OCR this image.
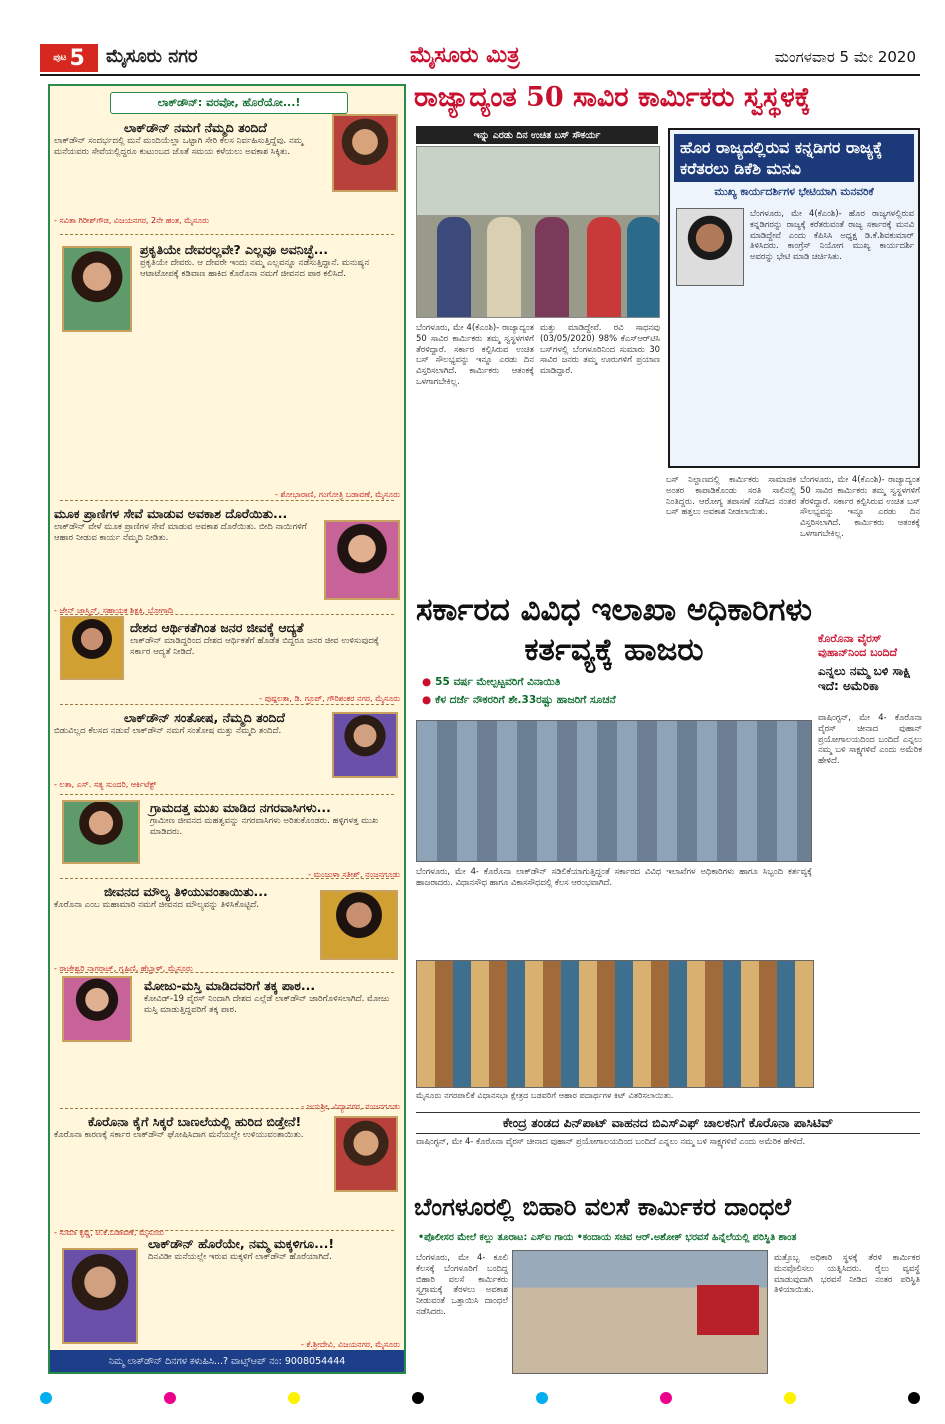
ಪುಟ 5 ಮೈಸೂರು ನಗರ	ಮೈಸೂರು ಮಿತ್ರ	ಮಂಗಳವಾರ 5 ಮೇ 2020
ಲಾಕ್‌ಡೌನ್: ವರವೋ, ಹೊರೆಯೋ...!
ಲಾಕ್‌ಡೌನ್ ನಮಗೆ ನೆಮ್ಮದಿ ತಂದಿದೆ
ಲಾಕ್‌ಡೌನ್ ಸಂದರ್ಭದಲ್ಲಿ ಮನೆ ಮಂದಿಯೆಲ್ಲಾ ಒಟ್ಟಾಗಿ ಸೇರಿ ಕೆಲಸ ನಿರ್ವಹಿಸುತ್ತಿದ್ದೆವು. ನಮ್ಮ ಮನೆಯವರು ಸೇವೆಯಲ್ಲಿದ್ದರೂ ಕುಟುಂಬದ ಜೊತೆ ಸಮಯ ಕಳೆಯಲು ಅವಕಾಶ ಸಿಕ್ಕಿತು.
- ಸವಿತಾ ಗಿರೀಶ್‌ಗೌಡ, ವಿಜಯನಗರ, 2ನೇ ಹಂತ, ಮೈಸೂರು
ಪ್ರಕೃತಿಯೇ ದೇವರಲ್ಲವೇ? ಎಲ್ಲವೂ ಅವನಿಚ್ಛೆ...
ಪ್ರಕೃತಿಯೇ ದೇವರು. ಆ ದೇವರೇ ಇಂದು ನಮ್ಮ ಎಲ್ಲವನ್ನೂ ನಡೆಸುತ್ತಿದ್ದಾನೆ. ಮನುಷ್ಯನ ಆಟಾಟೋಪಕ್ಕೆ ಕಡಿವಾಣ ಹಾಕಿದ ಕೊರೊನಾ ನಮಗೆ ಜೀವನದ ಪಾಠ ಕಲಿಸಿದೆ.
- ಶೋಭಾರಾಣಿ, ಗಂಗೋತ್ರಿ ಬಡಾವಣೆ, ಮೈಸೂರು
ಮೂಕ ಪ್ರಾಣಿಗಳ ಸೇವೆ ಮಾಡುವ ಅವಕಾಶ ದೊರೆಯಿತು...
ಲಾಕ್‌ಡೌನ್ ವೇಳೆ ಮೂಕ ಪ್ರಾಣಿಗಳ ಸೇವೆ ಮಾಡುವ ಅವಕಾಶ ದೊರೆಯಿತು. ಬೀದಿ ನಾಯಿಗಳಿಗೆ ಆಹಾರ ನೀಡುವ ಕಾರ್ಯ ನೆಮ್ಮದಿ ನೀಡಿತು.
- ಜೇನ್ ಜಾಸ್ಮಿನ್, ಸಹಾಯಕ ಶಿಕ್ಷಕಿ, ಭೋಗಾದಿ
ದೇಶದ ಆರ್ಥಿಕತೆಗಿಂತ ಜನರ ಜೀವಕ್ಕೆ ಆದ್ಯತೆ
ಲಾಕ್‌ಡೌನ್ ಮಾಡಿದ್ದರಿಂದ ದೇಶದ ಆರ್ಥಿಕತೆಗೆ ಹೊಡೆತ ಬಿದ್ದರೂ ಜನರ ಜೀವ ಉಳಿಸುವುದಕ್ಕೆ ಸರ್ಕಾರ ಆದ್ಯತೆ ನೀಡಿದೆ.
- ಪುಷ್ಪಲತಾ, ಡಿ. ಗ್ರೂಪ್, ಗೌರಿಶಂಕರ ನಗರ, ಮೈಸೂರು
ಲಾಕ್‌ಡೌನ್ ಸಂತೋಷ, ನೆಮ್ಮದಿ ತಂದಿದೆ
ಬಿಡುವಿಲ್ಲದ ಕೆಲಸದ ನಡುವೆ ಲಾಕ್‌ಡೌನ್ ನಮಗೆ ಸಂತೋಷ ಮತ್ತು ನೆಮ್ಮದಿ ತಂದಿದೆ.
- ಲತಾ, ಎಸ್. ಸತ್ಯ ಸುಂದರಿ, ಆರ್ಕಿಟೆಕ್ಟ್
ಗ್ರಾಮದತ್ತ ಮುಖ ಮಾಡಿದ ನಗರವಾಸಿಗಳು...
ಗ್ರಾಮೀಣ ಜೀವನದ ಮಹತ್ವವನ್ನು ನಗರವಾಸಿಗಳು ಅರಿತುಕೊಂಡರು. ಹಳ್ಳಿಗಳತ್ತ ಮುಖ ಮಾಡಿದರು.
- ಮಂಜುಳಾ ಸತೀಶ್, ನಂಜನಗೂಡು
ಜೀವನದ ಮೌಲ್ಯ ತಿಳಿಯುವಂತಾಯಿತು...
ಕೊರೊನಾ ಎಂಬ ಮಹಾಮಾರಿ ನಮಗೆ ಜೀವನದ ಮೌಲ್ಯವನ್ನು ತಿಳಿಸಿಕೊಟ್ಟಿದೆ.
- ರಾಜೇಶ್ವರಿ ನಾಗರಾಜ್, ಗೃಹಿಣಿ, ಹೆಬ್ಬಾಳ್, ಮೈಸೂರು
ಮೋಜು-ಮಸ್ತಿ ಮಾಡಿದವರಿಗೆ ತಕ್ಕ ಪಾಠ...
ಕೋವಿಡ್-19 ವೈರಸ್ ನಿಂದಾಗಿ ದೇಶದ ಎಲ್ಲೆಡೆ ಲಾಕ್‌ಡೌನ್ ಜಾರಿಗೊಳಿಸಲಾಗಿದೆ. ಮೋಜು ಮಸ್ತಿ ಮಾಡುತ್ತಿದ್ದವರಿಗೆ ತಕ್ಕ ಪಾಠ.
- ಜಯಶ್ರೀ, ವಿದ್ಯಾನಗರ, ನಂಜನಗೂಡು
ಕೊರೊನಾ ಕೈಗೆ ಸಿಕ್ಕರೆ ಬಾಣಲೆಯಲ್ಲಿ ಹುರಿದ ಬಿಡ್ತೇನೆ!
ಕೊರೊನಾ ಕಾರಣಕ್ಕೆ ಸರ್ಕಾರ ಲಾಕ್‌ಡೌನ್ ಘೋಷಿಸಿದಾಗ ಮನೆಯಲ್ಲೇ ಉಳಿಯುವಂತಾಯಿತು.
- ಸುಮಾ ಕೃಷ್ಣ, ಟಿ.ಕೆ.ಬಡಾವಣೆ, ಮೈಸೂರು
ಲಾಕ್‌ಡೌನ್ ಹೊರೆಯೇ, ನಮ್ಮ ಮಕ್ಕಳಿಗೂ...!
ದಿನವಿಡೀ ಮನೆಯಲ್ಲೇ ಇರುವ ಮಕ್ಕಳಿಗೆ ಲಾಕ್‌ಡೌನ್ ಹೊರೆಯಾಗಿದೆ.
- ಕೆ.ಶ್ರೀದೇವಿ, ವಿಜಯನಗರ, ಮೈಸೂರು
ನಿಮ್ಮ ಲಾಕ್‌ಡೌನ್ ದಿನಗಳ ಕಳುಹಿಸಿ...? ವಾಟ್ಸ್‌ಆಪ್ ನಂ: 9008054444
ರಾಜ್ಯಾದ್ಯಂತ 50 ಸಾವಿರ ಕಾರ್ಮಿಕರು ಸ್ವಸ್ಥಳಕ್ಕೆ
ಇನ್ನು ಎರಡು ದಿನ ಉಚಿತ ಬಸ್ ಸೌಕರ್ಯ
ಬೆಂಗಳೂರು, ಮೇ 4(ಕೆಎಂಶಿ)- ರಾಜ್ಯಾದ್ಯಂತ 50 ಸಾವಿರ ಕಾರ್ಮಿಕರು ತಮ್ಮ ಸ್ವಸ್ಥಳಗಳಿಗೆ ತೆರಳಿದ್ದಾರೆ. ಸರ್ಕಾರ ಕಲ್ಪಿಸಿರುವ ಉಚಿತ ಬಸ್ ಸೌಲಭ್ಯವನ್ನು ಇನ್ನೂ ಎರಡು ದಿನ ವಿಸ್ತರಿಸಲಾಗಿದೆ. ಕಾರ್ಮಿಕರು ಆತಂಕಕ್ಕೆ ಒಳಗಾಗಬೇಕಿಲ್ಲ.
ಮತ್ತು ಮಾಡಿದ್ದೇವೆ. ರವಿ ಸಾಧನವು (03/05/2020) 98% ಕೆಎಸ್‌ಆರ್‌ಟಿಸಿ ಬಸ್‌ಗಳಲ್ಲಿ ಬೆಂಗಳೂರಿನಿಂದ ಸುಮಾರು 30 ಸಾವಿರ ಜನರು ತಮ್ಮ ಊರುಗಳಿಗೆ ಪ್ರಯಾಣ ಮಾಡಿದ್ದಾರೆ.
ಬಸ್ ನಿಲ್ದಾಣದಲ್ಲಿ ಕಾರ್ಮಿಕರು ಸಾಮಾಜಿಕ ಅಂತರ ಕಾಪಾಡಿಕೊಂಡು ಸರತಿ ಸಾಲಿನಲ್ಲಿ ನಿಂತಿದ್ದರು. ಆರೋಗ್ಯ ತಪಾಸಣೆ ನಡೆಸಿದ ನಂತರ ಬಸ್ ಹತ್ತಲು ಅವಕಾಶ ನೀಡಲಾಯಿತು.
ಬೆಂಗಳೂರು, ಮೇ 4(ಕೆಎಂಶಿ)- ರಾಜ್ಯಾದ್ಯಂತ 50 ಸಾವಿರ ಕಾರ್ಮಿಕರು ತಮ್ಮ ಸ್ವಸ್ಥಳಗಳಿಗೆ ತೆರಳಿದ್ದಾರೆ. ಸರ್ಕಾರ ಕಲ್ಪಿಸಿರುವ ಉಚಿತ ಬಸ್ ಸೌಲಭ್ಯವನ್ನು ಇನ್ನೂ ಎರಡು ದಿನ ವಿಸ್ತರಿಸಲಾಗಿದೆ. ಕಾರ್ಮಿಕರು ಆತಂಕಕ್ಕೆ ಒಳಗಾಗಬೇಕಿಲ್ಲ.
ಹೊರ ರಾಜ್ಯದಲ್ಲಿರುವ ಕನ್ನಡಿಗರ ರಾಜ್ಯಕ್ಕೆ ಕರೆತರಲು ಡಿಕೆಶಿ ಮನವಿ
ಮುಖ್ಯ ಕಾರ್ಯದರ್ಶಿಗಳ ಭೇಟಿಯಾಗಿ ಮನವರಿಕೆ
ಬೆಂಗಳೂರು, ಮೇ 4(ಕೆಎಂಶಿ)- ಹೊರ ರಾಜ್ಯಗಳಲ್ಲಿರುವ ಕನ್ನಡಿಗರನ್ನು ರಾಜ್ಯಕ್ಕೆ ಕರೆತರುವಂತೆ ರಾಜ್ಯ ಸರ್ಕಾರಕ್ಕೆ ಮನವಿ ಮಾಡಿದ್ದೇವೆ ಎಂದು ಕೆಪಿಸಿಸಿ ಅಧ್ಯಕ್ಷ ಡಿ.ಕೆ.ಶಿವಕುಮಾರ್ ತಿಳಿಸಿದರು. ಕಾಂಗ್ರೆಸ್ ನಿಯೋಗ ಮುಖ್ಯ ಕಾರ್ಯದರ್ಶಿ ಅವರನ್ನು ಭೇಟಿ ಮಾಡಿ ಚರ್ಚಿಸಿತು.
ಸರ್ಕಾರದ ವಿವಿಧ ಇಲಾಖಾ ಅಧಿಕಾರಿಗಳು ಕರ್ತವ್ಯಕ್ಕೆ ಹಾಜರು
● 55 ವರ್ಷ ಮೇಲ್ಪಟ್ಟವರಿಗೆ ವಿನಾಯಿತಿ
● ಕೆಳ ದರ್ಜೆ ನೌಕರರಿಗೆ ಶೇ.33ರಷ್ಟು ಹಾಜರಿಗೆ ಸೂಚನೆ
ಬೆಂಗಳೂರು, ಮೇ 4- ಕೊರೊನಾ ಲಾಕ್‌ಡೌನ್ ಸಡಿಲಿಕೆಯಾಗುತ್ತಿದ್ದಂತೆ ಸರ್ಕಾರದ ವಿವಿಧ ಇಲಾಖೆಗಳ ಅಧಿಕಾರಿಗಳು ಹಾಗೂ ಸಿಬ್ಬಂದಿ ಕರ್ತವ್ಯಕ್ಕೆ ಹಾಜರಾದರು. ವಿಧಾನಸೌಧ ಹಾಗೂ ವಿಕಾಸಸೌಧದಲ್ಲಿ ಕೆಲಸ ಆರಂಭವಾಗಿದೆ.
ಮೈಸೂರು ನಗರಪಾಲಿಕೆ ವಿಧಾನಸಭಾ ಕ್ಷೇತ್ರದ ಬಡವರಿಗೆ ಆಹಾರ ಪದಾರ್ಥಗಳ ಕಿಟ್ ವಿತರಿಸಲಾಯಿತು.
ಕೊರೊನಾ ವೈರಸ್ ವುಹಾನ್‌ನಿಂದ ಬಂದಿದೆ
ಎನ್ನಲು ನಮ್ಮ ಬಳಿ ಸಾಕ್ಷಿ ಇದೆ: ಅಮೆರಿಕಾ
ವಾಷಿಂಗ್ಟನ್, ಮೇ 4- ಕೊರೊನಾ ವೈರಸ್ ಚೀನಾದ ವುಹಾನ್ ಪ್ರಯೋಗಾಲಯದಿಂದ ಬಂದಿದೆ ಎನ್ನಲು ನಮ್ಮ ಬಳಿ ಸಾಕ್ಷ್ಯಗಳಿವೆ ಎಂದು ಅಮೆರಿಕ ಹೇಳಿದೆ.
ಕೇಂದ್ರ ತಂಡದ ಪಿನ್‌ಪಾಟ್ ವಾಹನದ ಬಿಎಸ್‌ಎಫ್ ಚಾಲಕನಿಗೆ ಕೊರೊನಾ ಪಾಸಿಟಿವ್
ವಾಷಿಂಗ್ಟನ್, ಮೇ 4- ಕೊರೊನಾ ವೈರಸ್ ಚೀನಾದ ವುಹಾನ್ ಪ್ರಯೋಗಾಲಯದಿಂದ ಬಂದಿದೆ ಎನ್ನಲು ನಮ್ಮ ಬಳಿ ಸಾಕ್ಷ್ಯಗಳಿವೆ ಎಂದು ಅಮೆರಿಕ ಹೇಳಿದೆ.
ಬೆಂಗಳೂರಲ್ಲಿ ಬಿಹಾರಿ ವಲಸೆ ಕಾರ್ಮಿಕರ ದಾಂಧಲೆ
•ಪೊಲೀಸರ ಮೇಲೆ ಕಲ್ಲು ತೂರಾಟ: ಎಸ್‌ಐ ಗಾಯ •ಕಂದಾಯ ಸಚಿವ ಆರ್.ಅಶೋಕ್ ಭರವಸೆ ಹಿನ್ನೆಲೆಯಲ್ಲಿ ಪರಿಸ್ಥಿತಿ ಶಾಂತ
ಬೆಂಗಳೂರು, ಮೇ 4- ಕೂಲಿ ಕೆಲಸಕ್ಕೆ ಬೆಂಗಳೂರಿಗೆ ಬಂದಿದ್ದ ಬಿಹಾರಿ ವಲಸೆ ಕಾರ್ಮಿಕರು ಸ್ವಗ್ರಾಮಕ್ಕೆ ತೆರಳಲು ಅವಕಾಶ ನೀಡುವಂತೆ ಒತ್ತಾಯಿಸಿ ದಾಂಧಲೆ ನಡೆಸಿದರು.
ಮತ್ತೊಬ್ಬ ಅಧಿಕಾರಿ ಸ್ಥಳಕ್ಕೆ ತೆರಳಿ ಕಾರ್ಮಿಕರ ಮನವೊಲಿಸಲು ಯತ್ನಿಸಿದರು. ರೈಲು ವ್ಯವಸ್ಥೆ ಮಾಡುವುದಾಗಿ ಭರವಸೆ ನೀಡಿದ ನಂತರ ಪರಿಸ್ಥಿತಿ ತಿಳಿಯಾಯಿತು.
